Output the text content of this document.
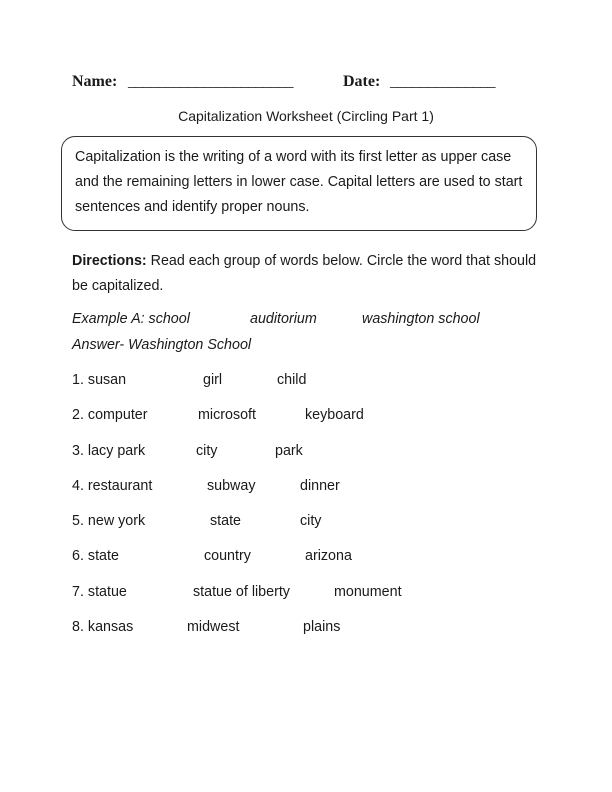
Name: ______________________	Date: ______________
Capitalization Worksheet (Circling Part 1)
Capitalization is the writing of a word with its first letter as upper case and the remaining letters in lower case. Capital letters are used to start sentences and identify proper nouns.
Directions: Read each group of words below. Circle the word that should be capitalized.
Example A: school	auditorium	washington school
Answer- Washington School
1. susan	girl	child
2. computer	microsoft	keyboard
3. lacy park	city	park
4. restaurant	subway	dinner
5. new york	state	city
6. state	country	arizona
7. statue	statue of liberty	monument
8. kansas	midwest	plains
